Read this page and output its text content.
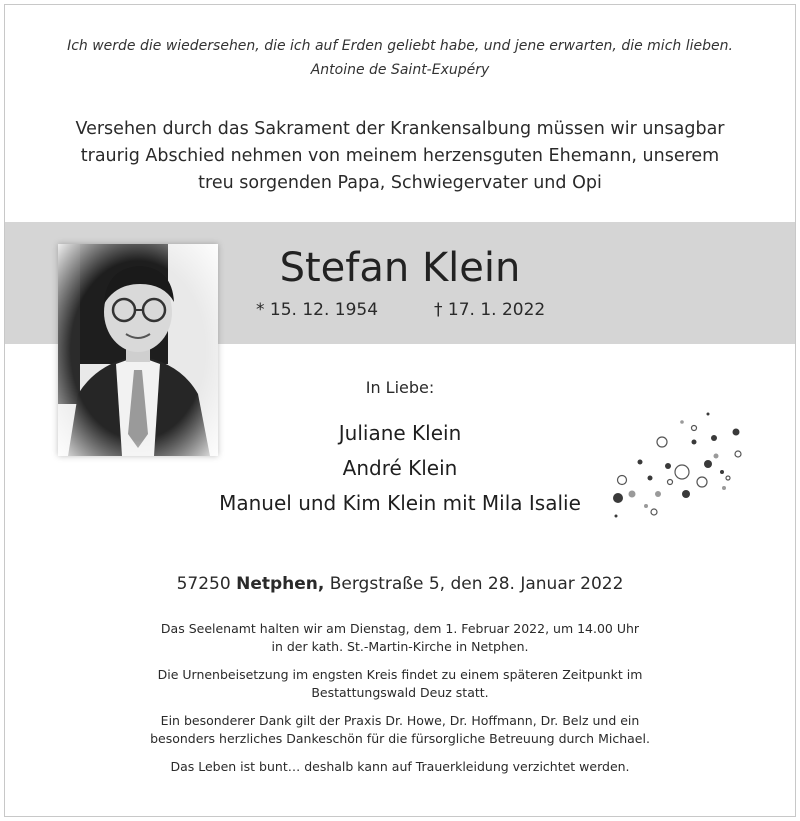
Ich werde die wiedersehen, die ich auf Erden geliebt habe, und jene erwarten, die mich lieben.
Antoine de Saint-Exupéry
Versehen durch das Sakrament der Krankensalbung müssen wir unsagbar
traurig Abschied nehmen von meinem herzensguten Ehemann, unserem
treu sorgenden Papa, Schwiegervater und Opi
Stefan Klein
* 15. 12. 1954	† 17. 1. 2022
In Liebe:
Juliane Klein
André Klein
Manuel und Kim Klein mit Mila Isalie
57250 Netphen, Bergstraße 5, den 28. Januar 2022

Das Seelenamt halten wir am Dienstag, dem 1. Februar 2022, um 14.00 Uhr
in der kath. St.-Martin-Kirche in Netphen.

Die Urnenbeisetzung im engsten Kreis findet zu einem späteren Zeitpunkt im
Bestattungswald Deuz statt.

Ein besonderer Dank gilt der Praxis Dr. Howe, Dr. Hoffmann, Dr. Belz und ein
besonders herzliches Dankeschön für die fürsorgliche Betreuung durch Michael.

Das Leben ist bunt… deshalb kann auf Trauerkleidung verzichtet werden.
